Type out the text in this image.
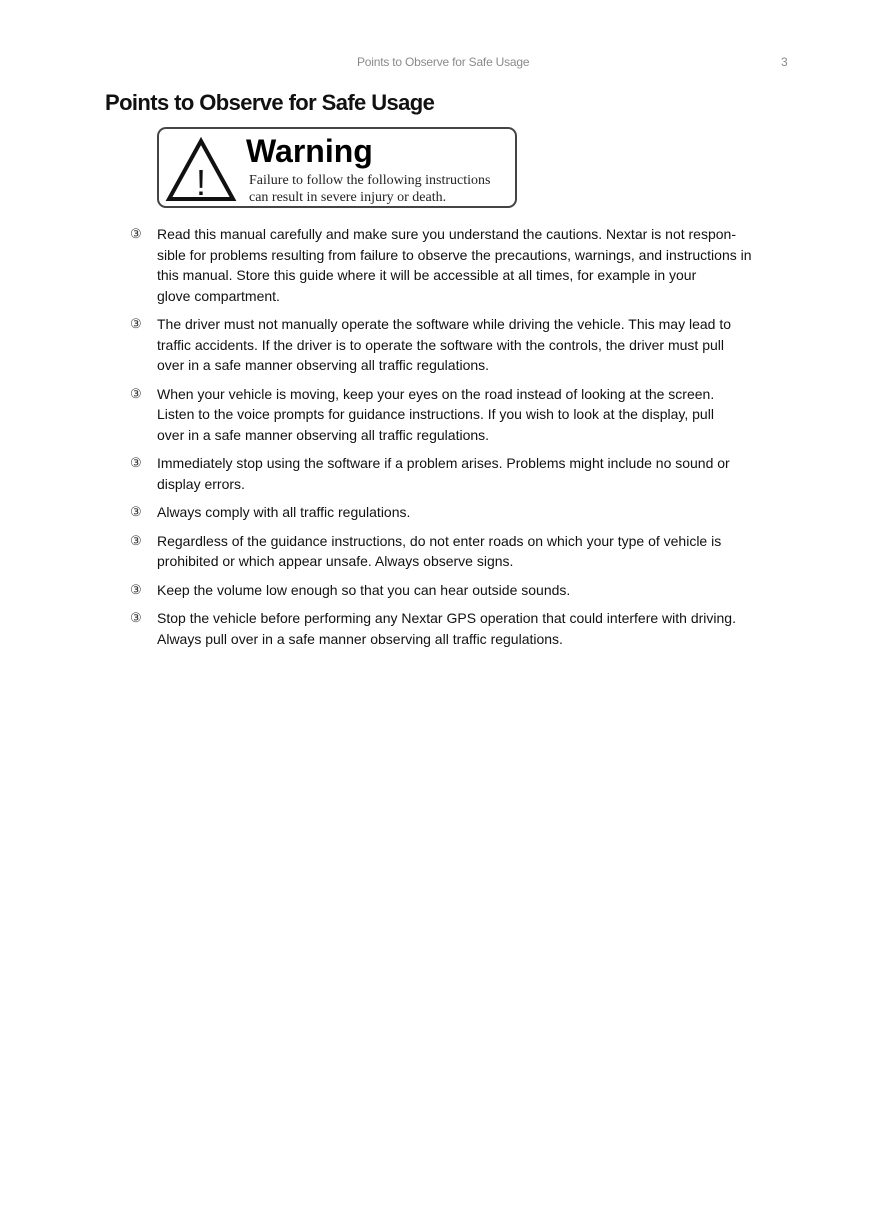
Points to Observe for Safe Usage	3
Points to Observe for Safe Usage
!
Warning
Failure to follow the following instructions
can result in severe injury or death.
③ Read this manual carefully and make sure you understand the cautions. Nextar is not respon-
sible for problems resulting from failure to observe the precautions, warnings, and instructions in
this manual. Store this guide where it will be accessible at all times, for example in your
glove compartment.
③ The driver must not manually operate the software while driving the vehicle. This may lead to
traffic accidents. If the driver is to operate the software with the controls, the driver must pull
over in a safe manner observing all traffic regulations.
③ When your vehicle is moving, keep your eyes on the road instead of looking at the screen.
Listen to the voice prompts for guidance instructions. If you wish to look at the display, pull
over in a safe manner observing all traffic regulations.
③ Immediately stop using the software if a problem arises. Problems might include no sound or
display errors.
③ Always comply with all traffic regulations.
③ Regardless of the guidance instructions, do not enter roads on which your type of vehicle is
prohibited or which appear unsafe. Always observe signs.
③ Keep the volume low enough so that you can hear outside sounds.
③ Stop the vehicle before performing any Nextar GPS operation that could interfere with driving.
Always pull over in a safe manner observing all traffic regulations.
